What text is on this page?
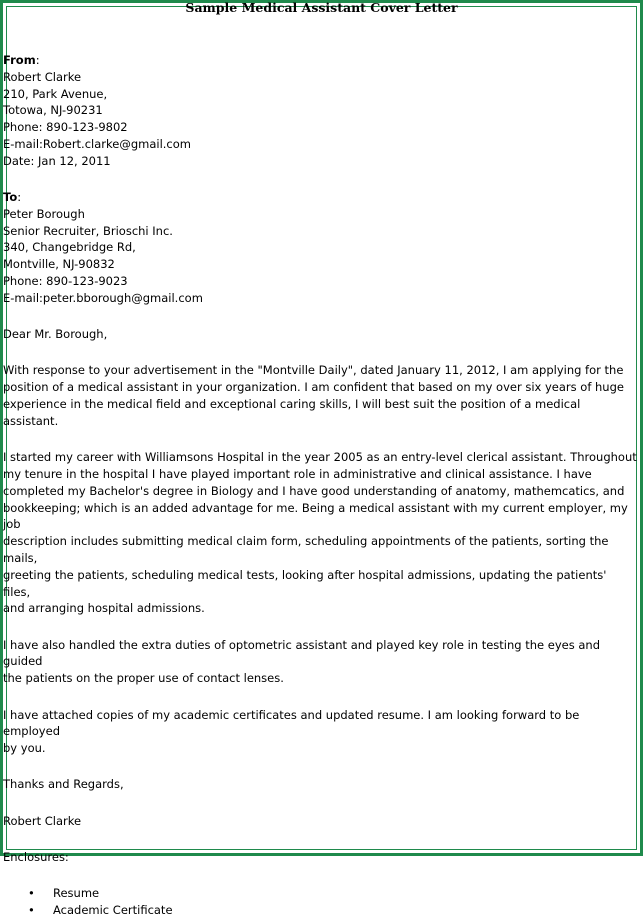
Sample Medical Assistant Cover Letter

From:

Robert Clarke

210, Park Avenue,

Totowa, NJ-90231

Phone: 890-123-9802

E-mail:Robert.clarke@gmail.com

Date: Jan 12, 2011

To:

Peter Borough

Senior Recruiter, Brioschi Inc.

340, Changebridge Rd,

Montville, NJ-90832

Phone: 890-123-9023

E-mail:peter.bborough@gmail.com

Dear Mr. Borough,

With response to your advertisement in the "Montville Daily", dated January 11, 2012, I am applying for the

position of a medical assistant in your organization. I am confident that based on my over six years of huge

experience in the medical field and exceptional caring skills, I will best suit the position of a medical assistant.

I started my career with Williamsons Hospital in the year 2005 as an entry-level clerical assistant. Throughout

my tenure in the hospital I have played important role in administrative and clinical assistance. I have

completed my Bachelor's degree in Biology and I have good understanding of anatomy, mathemcatics, and

bookkeeping; which is an added advantage for me. Being a medical assistant with my current employer, my job

description includes submitting medical claim form, scheduling appointments of the patients, sorting the mails,

greeting the patients, scheduling medical tests, looking after hospital admissions, updating the patients' files,

and arranging hospital admissions.

I have also handled the extra duties of optometric assistant and played key role in testing the eyes and guided

the patients on the proper use of contact lenses.

I have attached copies of my academic certificates and updated resume. I am looking forward to be employed

by you.

Thanks and Regards,

Robert Clarke

Enclosures:

• Resume
• Academic Certificate
